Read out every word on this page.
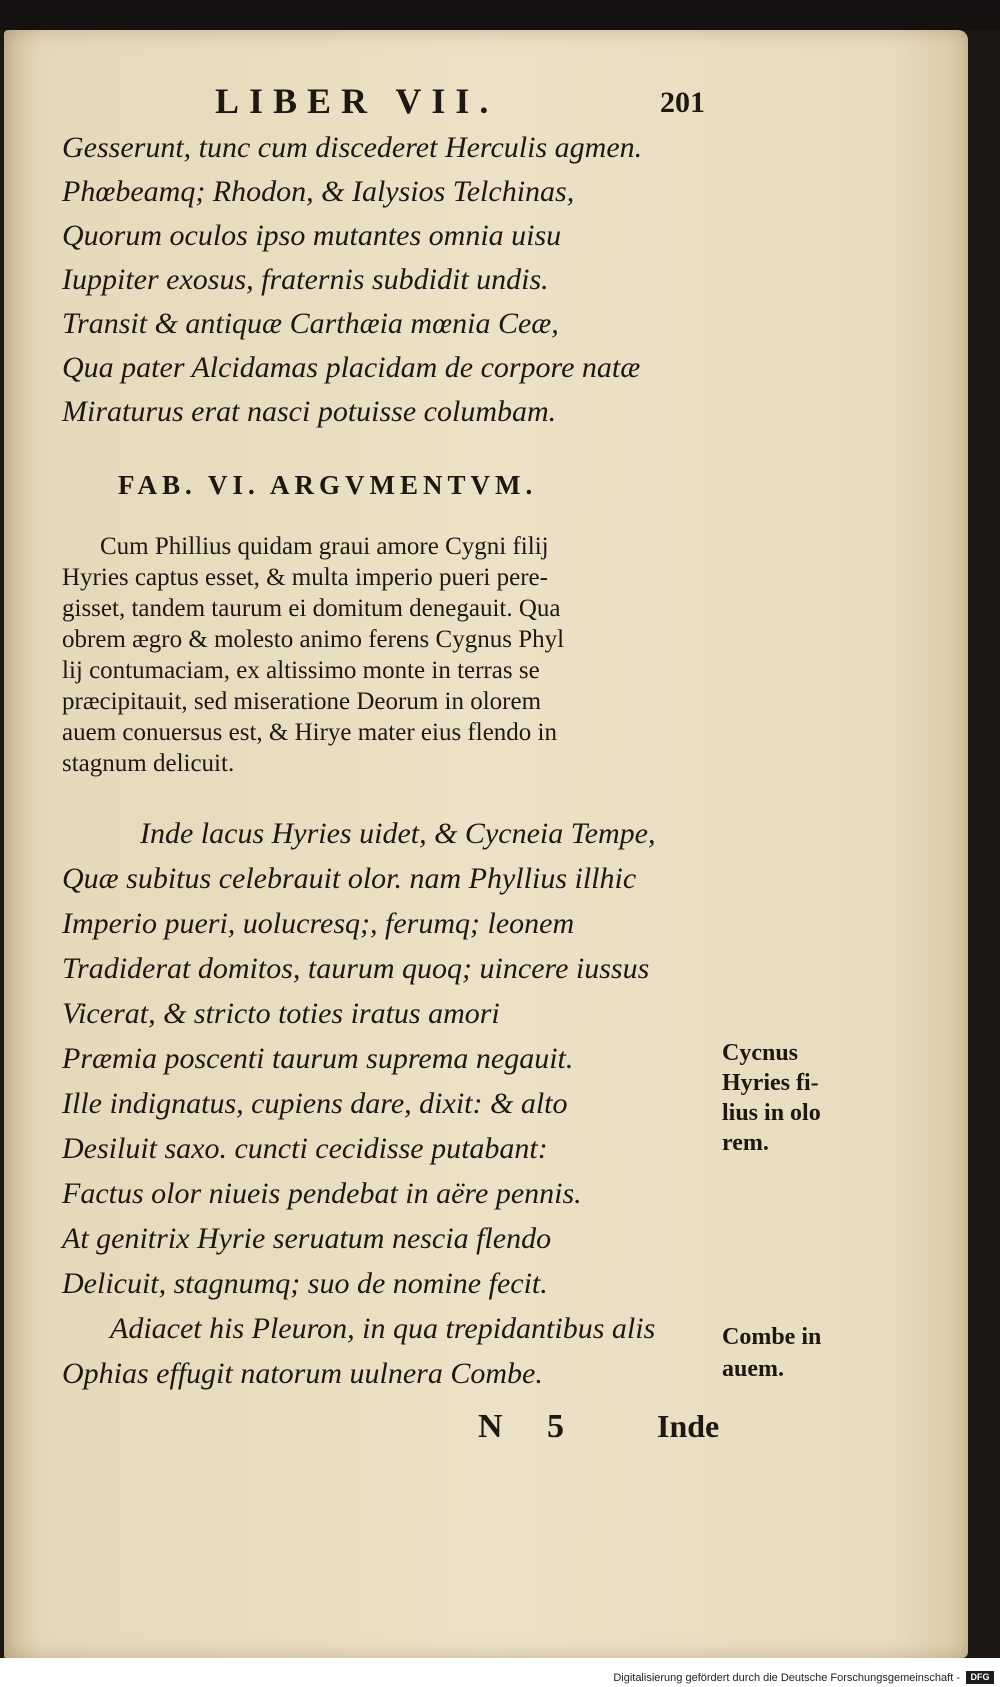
LIBER VII.	201
Gesserunt, tunc cum discederet Herculis agmen.
Phœbeamq; Rhodon, & Ialysios Telchinas,
Quorum oculos ipso mutantes omnia uisu
Iuppiter exosus, fraternis subdidit undis.
Transit & antiquæ Carthæia mœnia Ceæ,
Qua pater Alcidamas placidam de corpore natæ
Miraturus erat nasci potuisse columbam.
FAB. VI. ARGVMENTVM.
Cum Phillius quidam graui amore Cygni filij
Hyries captus esset, & multa imperio pueri pere-
gisset, tandem taurum ei domitum denegauit. Qua
obrem ægro & molesto animo ferens Cygnus Phyl
lij contumaciam, ex altissimo monte in terras se
præcipitauit, sed miseratione Deorum in olorem
auem conuersus est, & Hirye mater eius flendo in
stagnum delicuit.
Inde lacus Hyries uidet, & Cycneia Tempe,
Quæ subitus celebrauit olor. nam Phyllius illhic
Imperio pueri, uolucresq;, ferumq; leonem
Tradiderat domitos, taurum quoq; uincere iussus
Vicerat, & stricto toties iratus amori
Præmia poscenti taurum suprema negauit.
Ille indignatus, cupiens dare, dixit: & alto
Desiluit saxo. cuncti cecidisse putabant:
Factus olor niueis pendebat in aëre pennis.
At genitrix Hyrie seruatum nescia flendo
Delicuit, stagnumq; suo de nomine fecit.
Adiacet his Pleuron, in qua trepidantibus alis
Ophias effugit natorum uulnera Combe.
Cycnus
Hyries fi-
lius in olo
rem.
Combe in
auem.
N 5 Inde
Digitalisierung gefördert durch die Deutsche Forschungsgemeinschaft -	DFG
